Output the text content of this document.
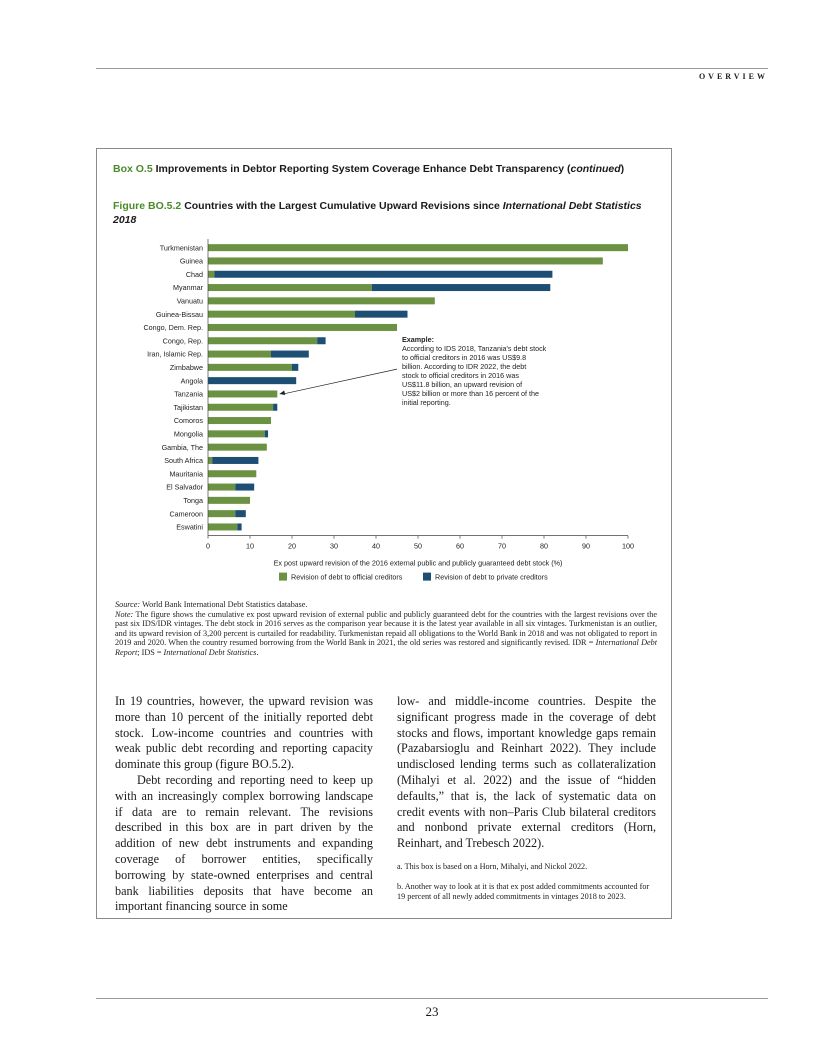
OVERVIEW
Box O.5 Improvements in Debtor Reporting System Coverage Enhance Debt Transparency (continued)
Figure BO.5.2 Countries with the Largest Cumulative Upward Revisions since International Debt Statistics 2018
Turkmenistan
Guinea
Chad
Myanmar
Vanuatu
Guinea-Bissau
Congo, Dem. Rep.
Congo, Rep.
Iran, Islamic Rep.
Zimbabwe
Angola
Tanzania
Tajikistan
Comoros
Mongolia
Gambia, The
South Africa
Mauritania
El Salvador
Tonga
Cameroon
Eswatini
0	10	20	30	40	50	60	70	80	90	100
Ex post upward revision of the 2016 external public and publicly guaranteed debt stock (%)
Revision of debt to official creditors	Revision of debt to private creditors
Example:
According to IDS 2018, Tanzania's debt stock
to official creditors in 2016 was US$9.8
billion. According to IDR 2022, the debt
stock to official creditors in 2016 was
US$11.8 billion, an upward revision of
US$2 billion or more than 16 percent of the
initial reporting.

Source: World Bank International Debt Statistics database.

Note: The figure shows the cumulative ex post upward revision of external public and publicly guaranteed debt for the countries with the largest revisions over the past six IDS/IDR vintages. The debt stock in 2016 serves as the comparison year because it is the latest year available in all six vintages. Turkmenistan is an outlier, and its upward revision of 3,200 percent is curtailed for readability. Turkmenistan repaid all obligations to the World Bank in 2018 and was not obligated to report in 2019 and 2020. When the country resumed borrowing from the World Bank in 2021, the old series was restored and significantly revised. IDR = International Debt Report; IDS = International Debt Statistics.

In 19 countries, however, the upward revision was more than 10 percent of the initially reported debt stock. Low-income countries and countries with weak public debt recording and reporting capacity dominate this group (figure BO.5.2).

Debt recording and reporting need to keep up with an increasingly complex borrowing landscape if data are to remain relevant. The revisions described in this box are in part driven by the addition of new debt instruments and expanding coverage of borrower entities, specifically borrowing by state-owned enterprises and central bank liabilities deposits that have become an important financing source in some

low- and middle-income countries. Despite the significant progress made in the coverage of debt stocks and flows, important knowledge gaps remain (Pazabarsioglu and Reinhart 2022). They include undisclosed lending terms such as collateralization (Mihalyi et al. 2022) and the issue of “hidden defaults,” that is, the lack of systematic data on credit events with non–Paris Club bilateral creditors and nonbond private external creditors (Horn, Reinhart, and Trebesch 2022).

a. This box is based on a Horn, Mihalyi, and Nickol 2022.

b. Another way to look at it is that ex post added commitments accounted for 19 percent of all newly added commitments in vintages 2018 to 2023.

23
